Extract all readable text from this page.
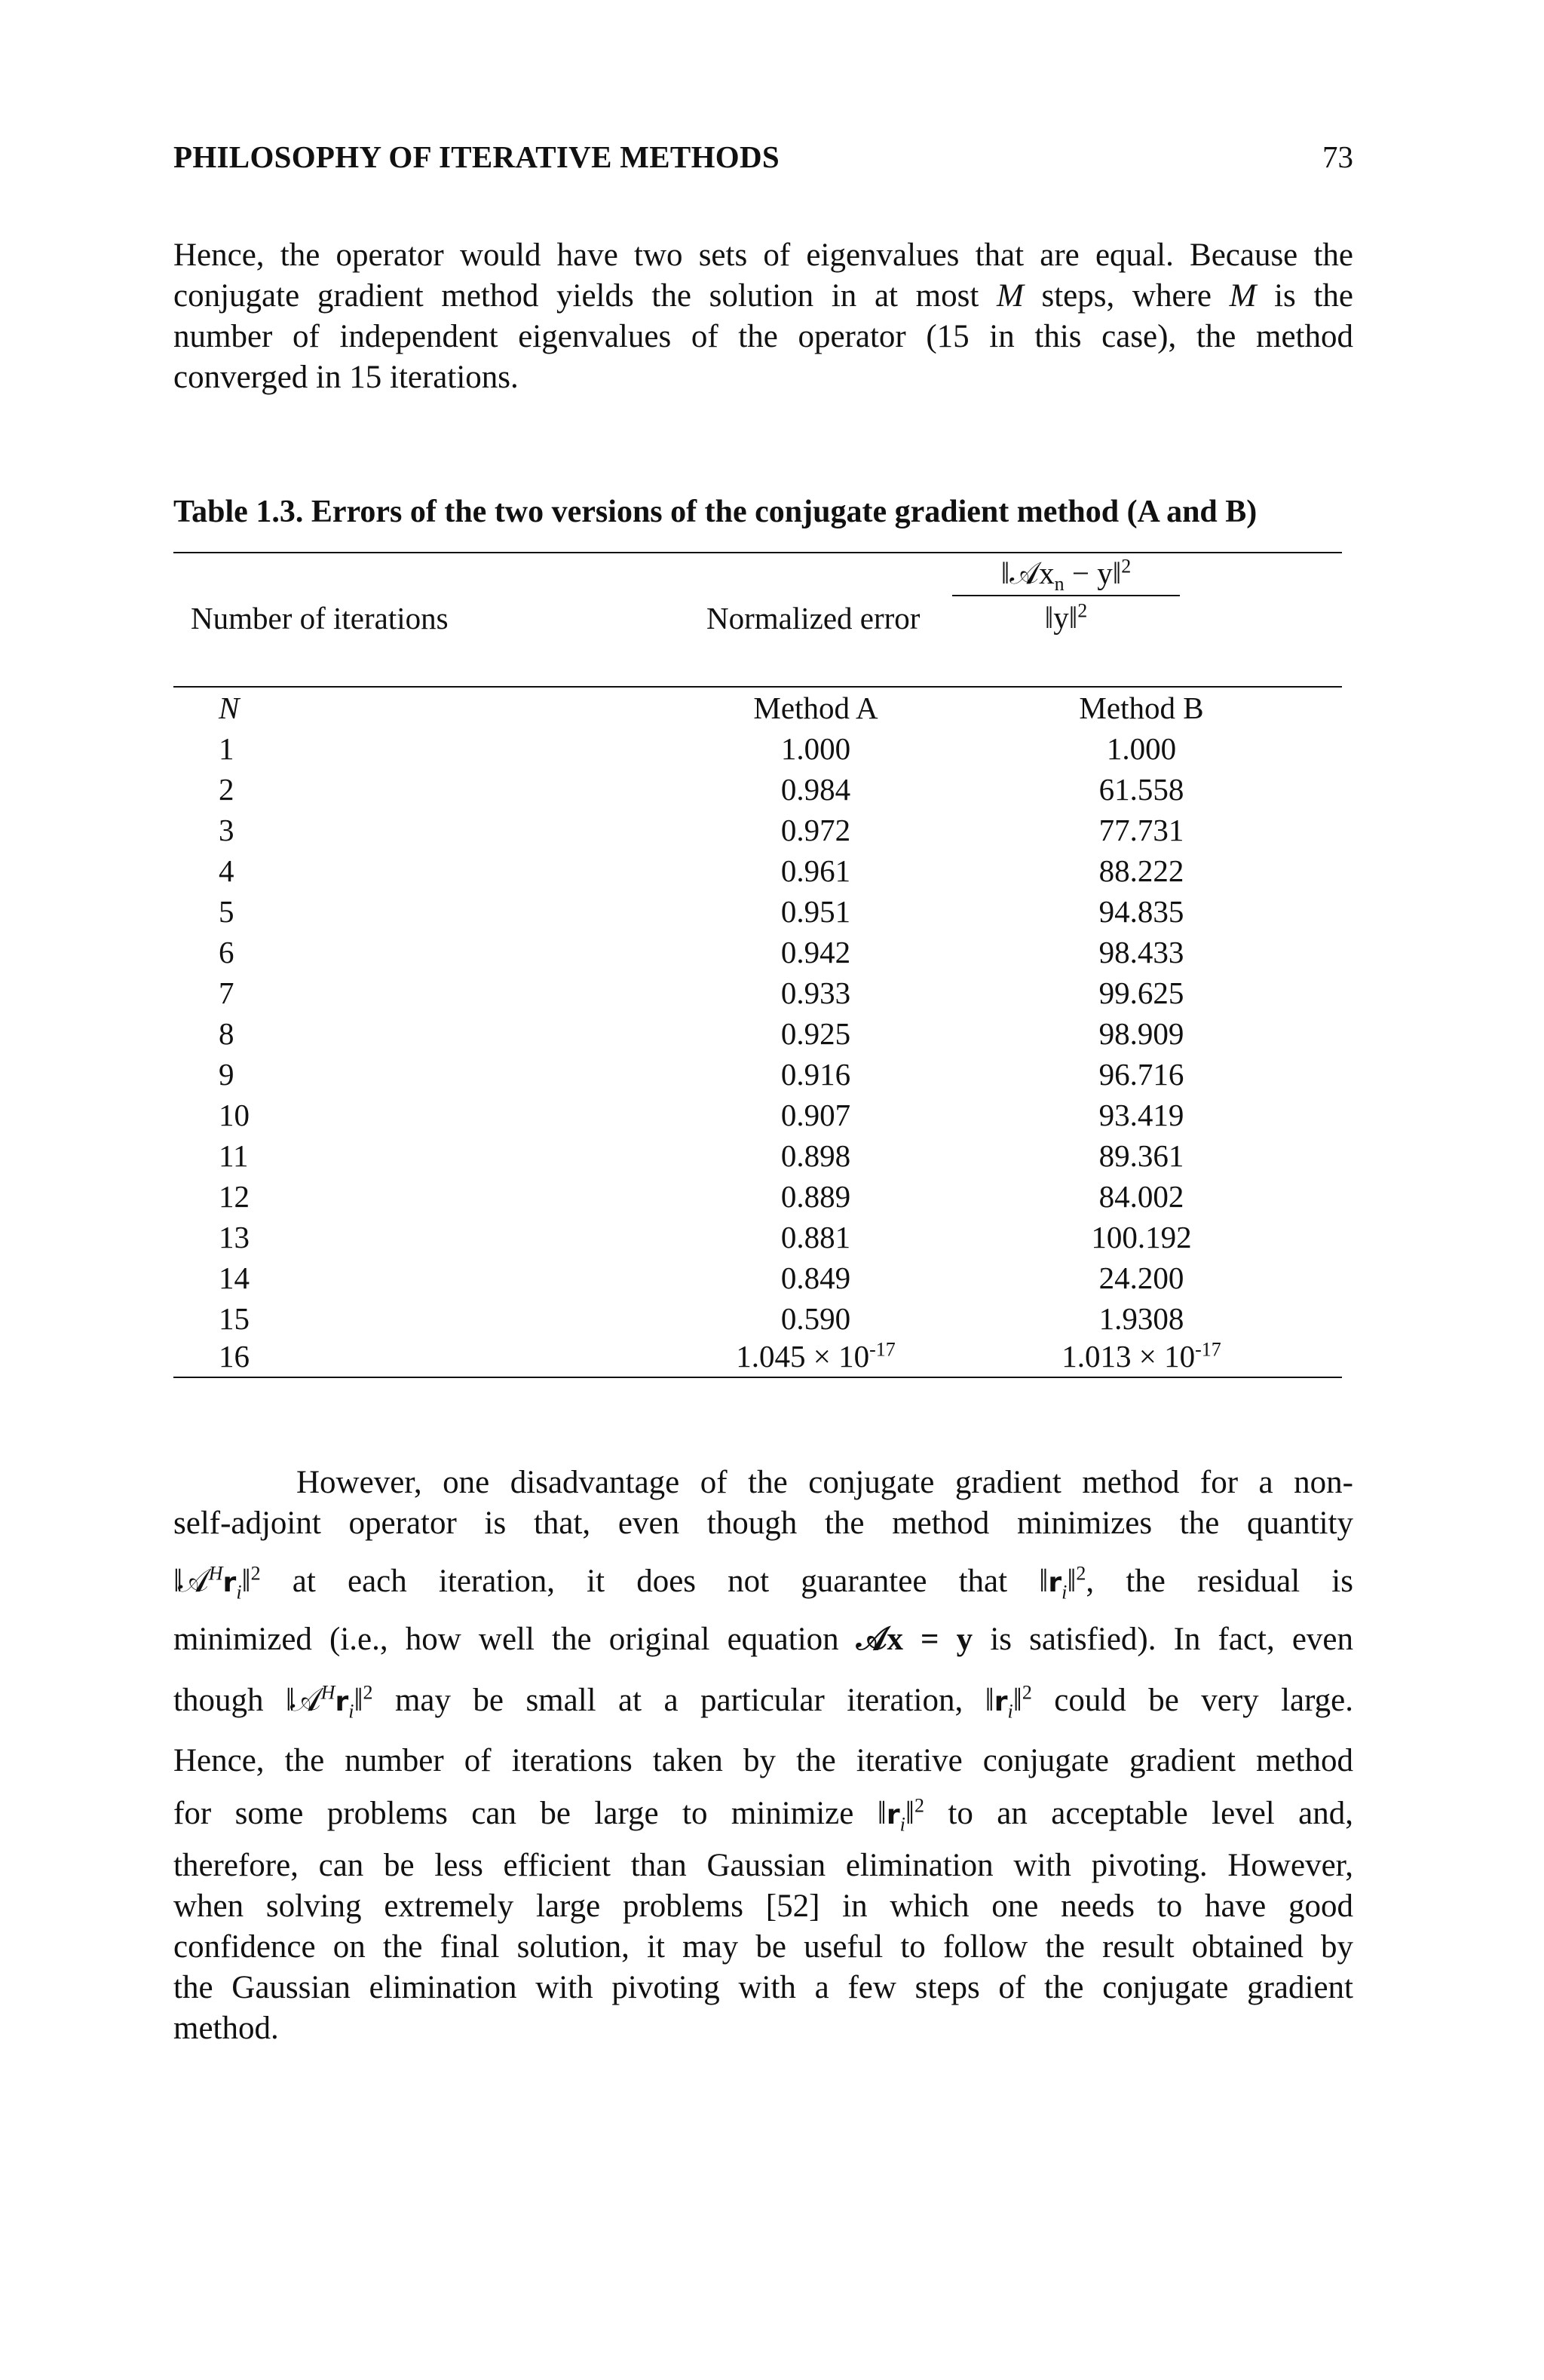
PHILOSOPHY OF ITERATIVE METHODS	73

Hence, the operator would have two sets of eigenvalues that are equal. Because the
conjugate gradient method yields the solution in at most M steps, where M is the
number of independent eigenvalues of the operator (15 in this case), the method
converged in 15 iterations.

Table 1.3. Errors of the two versions of the conjugate gradient method (A and B)
Number of iterations	Normalized error
‖𝒜x$_n$ − y‖$^2$
‖y‖$^2$
N	Method A	Method B
1	1.000	1.000
2	0.984	61.558
3	0.972	77.731
4	0.961	88.222
5	0.951	94.835
6	0.942	98.433
7	0.933	99.625
8	0.925	98.909
9	0.916	96.716
10	0.907	93.419
11	0.898	89.361
12	0.889	84.002
13	0.881	100.192
14	0.849	24.200
15	0.590	1.9308
16	$1.045 \times 10^{-17}$	$1.013 \times 10^{-17}$
However, one disadvantage of the conjugate gradient method for a non-
self-adjoint operator is that, even though the method minimizes the quantity
‖𝒜 $^Hr_i‖$ $^2$ at each iteration, it does not guarantee that ‖ $r_i‖$ $^2$, the residual is
minimized (i.e., how well the original equation 𝒜x = y is satisfied). In fact, even
though ‖𝒜 $^Hr_i‖$ $^2$ may be small at a particular iteration, ‖ $r_i‖$ $^2$ could be very large.
Hence, the number of iterations taken by the iterative conjugate gradient method
for some problems can be large to minimize ‖ $r_i‖$ $^2$ to an acceptable level and,
therefore, can be less efficient than Gaussian elimination with pivoting. However,
when solving extremely large problems [52] in which one needs to have good
confidence on the final solution, it may be useful to follow the result obtained by
the Gaussian elimination with pivoting with a few steps of the conjugate gradient
method.
